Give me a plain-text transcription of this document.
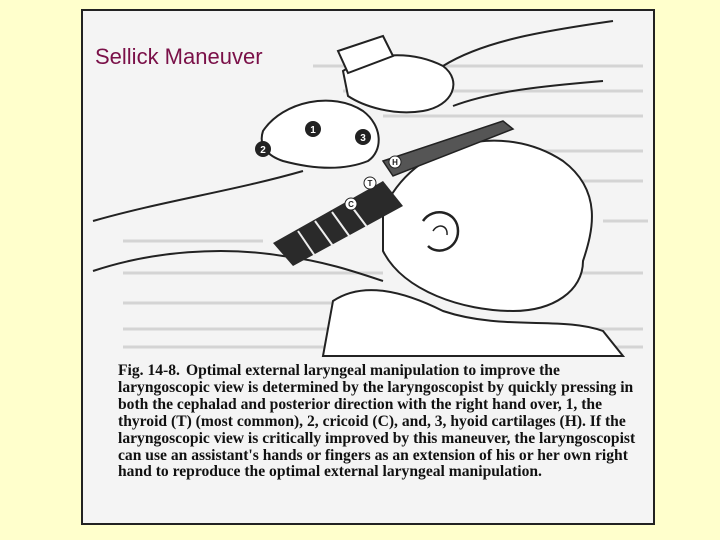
1
2
3
T
C
H
Fig. 14-8. Optimal external laryngeal manipulation to improve the laryngoscopic view is determined by the laryngoscopist by quickly pressing in both the cephalad and posterior direction with the right hand over, 1, the thyroid (T) (most common), 2, cricoid (C), and, 3, hyoid cartilages (H). If the laryngoscopic view is critically improved by this maneuver, the laryngoscopist can use an assistant's hands or fingers as an extension of his or her own right hand to reproduce the optimal external laryngeal manipulation.
Sellick Maneuver
